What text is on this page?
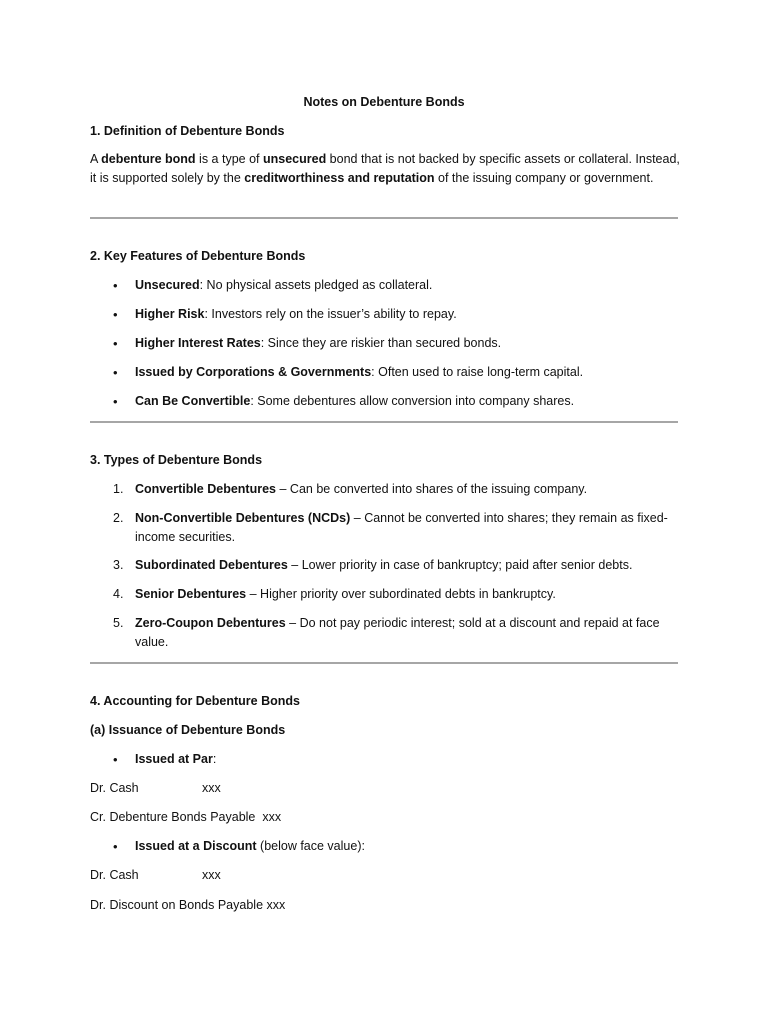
Notes on Debenture Bonds
1. Definition of Debenture Bonds
A debenture bond is a type of unsecured bond that is not backed by specific assets or collateral. Instead, it is supported solely by the creditworthiness and reputation of the issuing company or government.
2. Key Features of Debenture Bonds
• Unsecured: No physical assets pledged as collateral.
• Higher Risk: Investors rely on the issuer’s ability to repay.
• Higher Interest Rates: Since they are riskier than secured bonds.
• Issued by Corporations & Governments: Often used to raise long-term capital.
• Can Be Convertible: Some debentures allow conversion into company shares.
3. Types of Debenture Bonds
1. Convertible Debentures – Can be converted into shares of the issuing company.
2. Non-Convertible Debentures (NCDs) – Cannot be converted into shares; they remain as fixed-income securities.
3. Subordinated Debentures – Lower priority in case of bankruptcy; paid after senior debts.
4. Senior Debentures – Higher priority over subordinated debts in bankruptcy.
5. Zero-Coupon Debentures – Do not pay periodic interest; sold at a discount and repaid at face value.
4. Accounting for Debenture Bonds
(a) Issuance of Debenture Bonds
• Issued at Par:
Dr. Cash	xxx
Cr. Debenture Bonds Payable  xxx
• Issued at a Discount (below face value):
Dr. Cash	xxx
Dr. Discount on Bonds Payable xxx
